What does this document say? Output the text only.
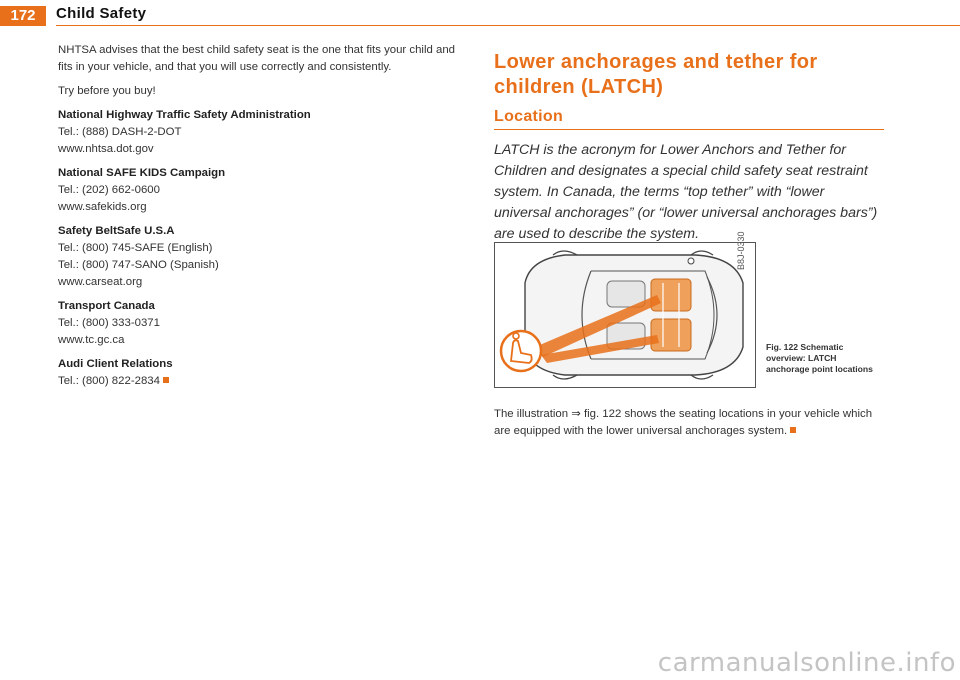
172	Child Safety

NHTSA advises that the best child safety seat is the one that fits your child and fits in your vehicle, and that you will use correctly and consistently.

Try before you buy!

National Highway Traffic Safety Administration
Tel.: (888) DASH-2-DOT
www.nhtsa.dot.gov
National SAFE KIDS Campaign
Tel.: (202) 662-0600
www.safekids.org
Safety BeltSafe U.S.A
Tel.: (800) 745-SAFE (English)
Tel.: (800) 747-SANO (Spanish)
www.carseat.org
Transport Canada
Tel.: (800) 333-0371
www.tc.gc.ca
Audi Client Relations
Tel.: (800) 822-2834
Lower anchorages and tether for children (LATCH)
Location

LATCH is the acronym for Lower Anchors and Tether for Children and designates a special child safety seat restraint system. In Canada, the terms “top tether” with “lower universal anchorages” (or “lower universal anchorages bars”) are used to describe the system.	B8J-0330
Fig. 122 Schematic overview: LATCH anchorage point locations

The illustration ⇒ fig. 122 shows the seating locations in your vehicle which are equipped with the lower universal anchorages system.

carmanualsonline.info
